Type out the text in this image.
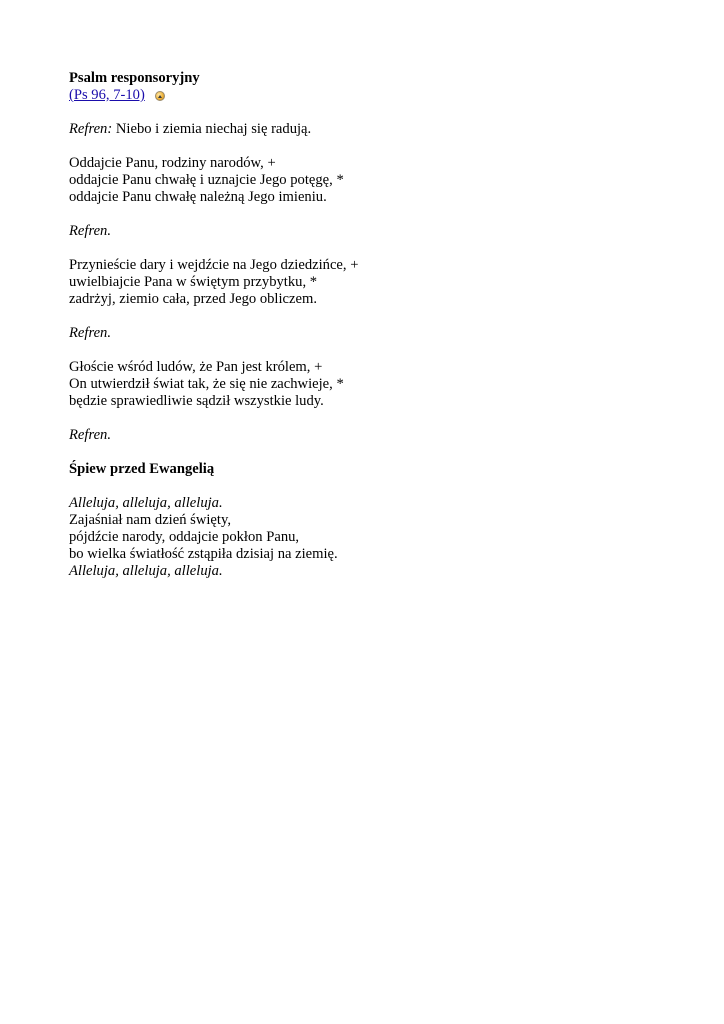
Psalm responsoryjny

(Ps 96, 7-10)

Refren: Niebo i ziemia niechaj się radują.

Oddajcie Panu, rodziny narodów, +

oddajcie Panu chwałę i uznajcie Jego potęgę, *

oddajcie Panu chwałę należną Jego imieniu.

Refren.

Przynieście dary i wejdźcie na Jego dziedzińce, +

uwielbiajcie Pana w świętym przybytku, *

zadrżyj, ziemio cała, przed Jego obliczem.

Refren.

Głoście wśród ludów, że Pan jest królem, +

On utwierdził świat tak, że się nie zachwieje, *

będzie sprawiedliwie sądził wszystkie ludy.

Refren.

Śpiew przed Ewangelią

Alleluja, alleluja, alleluja.

Zajaśniał nam dzień święty,

pójdźcie narody, oddajcie pokłon Panu,

bo wielka światłość zstąpiła dzisiaj na ziemię.

Alleluja, alleluja, alleluja.
